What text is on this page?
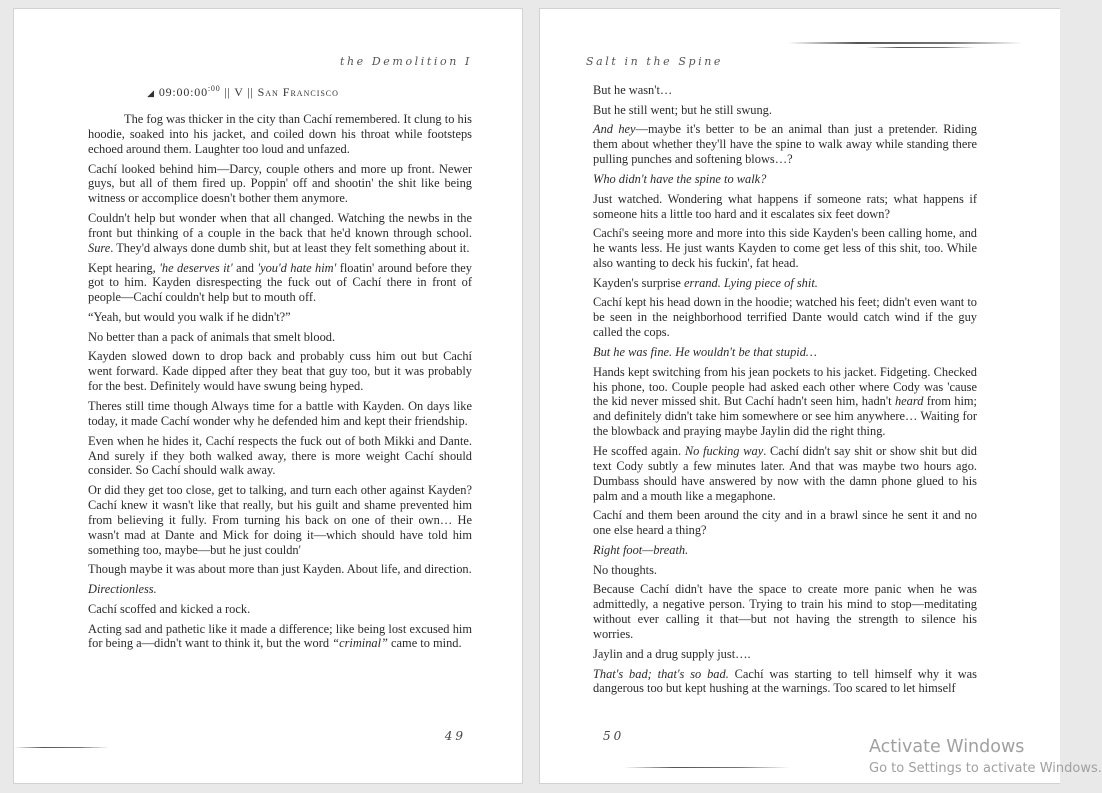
the Demolition I
◢ $09:00:00^{:00}$ || V || San Francisco

The fog was thicker in the city than Cachí remembered. It clung to his hoodie, soaked into his jacket, and coiled down his throat while footsteps echoed around them. Laughter too loud and unfazed.

Cachí looked behind him—Darcy, couple others and more up front. Newer guys, but all of them fired up. Poppin' off and shootin' the shit like being witness or accomplice doesn't bother them anymore.

Couldn't help but wonder when that all changed. Watching the newbs in the front but thinking of a couple in the back that he'd known through school. Sure. They'd always done dumb shit, but at least they felt something about it.

Kept hearing, 'he deserves it' and 'you'd hate him' floatin' around before they got to him. Kayden disrespecting the fuck out of Cachí there in front of people—Cachí couldn't help but to mouth off.

“Yeah, but would you walk if he didn't?”

No better than a pack of animals that smelt blood.

Kayden slowed down to drop back and probably cuss him out but Cachí went forward. Kade dipped after they beat that guy too, but it was probably for the best. Definitely would have swung being hyped.

Theres still time though Always time for a battle with Kayden. On days like today, it made Cachí wonder why he defended him and kept their friendship.

Even when he hides it, Cachí respects the fuck out of both Mikki and Dante. And surely if they both walked away, there is more weight Cachí should consider. So Cachí should walk away.

Or did they get too close, get to talking, and turn each other against Kayden? Cachí knew it wasn't like that really, but his guilt and shame prevented him from believing it fully. From turning his back on one of their own… He wasn't mad at Dante and Mick for doing it—which should have told him something too, maybe—but he just couldn'

Though maybe it was about more than just Kayden. About life, and direction.

Directionless.

Cachí scoffed and kicked a rock.

Acting sad and pathetic like it made a difference; like being lost excused him for being a—didn't want to think it, but the word “criminal” came to mind.

49
Salt in the Spine

But he wasn't…

But he still went; but he still swung.

And hey—maybe it's better to be an animal than just a pretender. Riding them about whether they'll have the spine to walk away while standing there pulling punches and softening blows…?

Who didn't have the spine to walk?

Just watched. Wondering what happens if someone rats; what happens if someone hits a little too hard and it escalates six feet down?

Cachí's seeing more and more into this side Kayden's been calling home, and he wants less. He just wants Kayden to come get less of this shit, too. While also wanting to deck his fuckin', fat head.

Kayden's surprise errand. Lying piece of shit.

Cachí kept his head down in the hoodie; watched his feet; didn't even want to be seen in the neighborhood terrified Dante would catch wind if the guy called the cops.

But he was fine. He wouldn't be that stupid…

Hands kept switching from his jean pockets to his jacket. Fidgeting. Checked his phone, too. Couple people had asked each other where Cody was 'cause the kid never missed shit. But Cachí hadn't seen him, hadn't heard from him; and definitely didn't take him somewhere or see him anywhere… Waiting for the blowback and praying maybe Jaylin did the right thing.

He scoffed again. No fucking way. Cachí didn't say shit or show shit but did text Cody subtly a few minutes later. And that was maybe two hours ago. Dumbass should have answered by now with the damn phone glued to his palm and a mouth like a megaphone.

Cachí and them been around the city and in a brawl since he sent it and no one else heard a thing?

Right foot—breath.

No thoughts.

Because Cachí didn't have the space to create more panic when he was admittedly, a negative person. Trying to train his mind to stop—meditating without ever calling it that—but not having the strength to silence his worries.

Jaylin and a drug supply just….

That's bad; that's so bad. Cachí was starting to tell himself why it was dangerous too but kept hushing at the warnings. Too scared to let himself

50
Activate Windows
Go to Settings to activate Windows.
